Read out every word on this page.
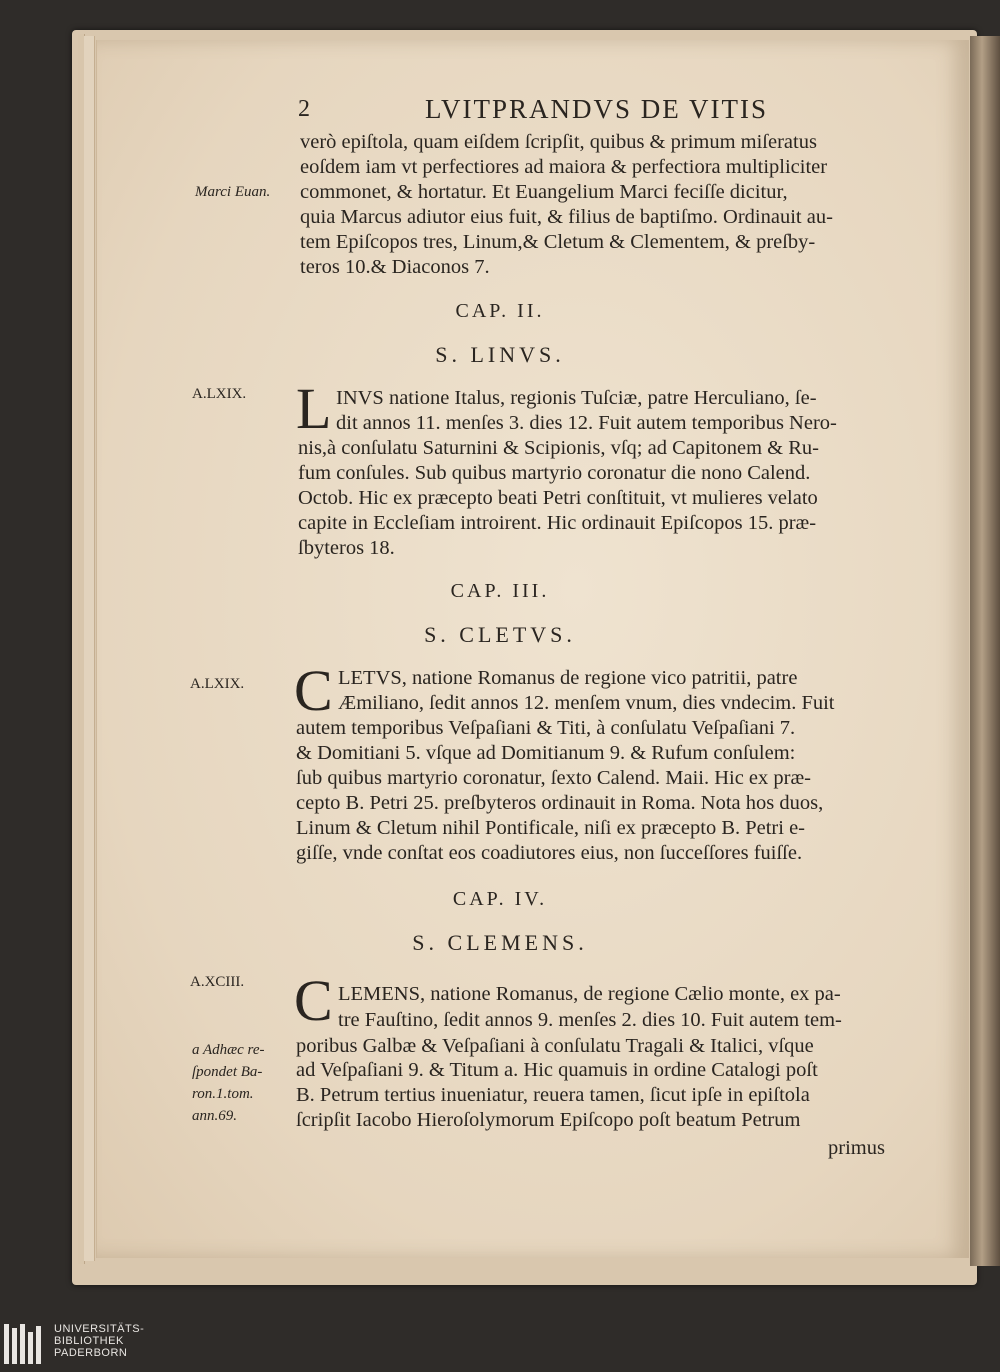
2	LVITPRANDVS DE VITIS
verò epiſtola, quam eiſdem ſcripſit, quibus & primum miſeratus
eoſdem iam vt perfectiores ad maiora & perfectiora multipliciter
commonet, & hortatur. Et Euangelium Marci feciſſe dicitur,
quia Marcus adiutor eius fuit, & filius de baptiſmo. Ordinauit au-
tem Epiſcopos tres, Linum,& Cletum & Clementem, & preſby-
teros 10.& Diaconos 7.
Marci Euan.
CAP. II.
S. LINVS.
A.LXIX. L INVS natione Italus, regionis Tuſciæ, patre Herculiano, ſe-
dit annos 11. menſes 3. dies 12. Fuit autem temporibus Nero-
nis,à conſulatu Saturnini & Scipionis, vſq; ad Capitonem & Ru-
fum conſules. Sub quibus martyrio coronatur die nono Calend.
Octob. Hic ex præcepto beati Petri conſtituit, vt mulieres velato
capite in Eccleſiam introirent. Hic ordinauit Epiſcopos 15. præ-
ſbyteros 18.
CAP. III.
S. CLETVS.
A.LXIX. C LETVS, natione Romanus de regione vico patritii, patre
Æmiliano, ſedit annos 12. menſem vnum, dies vndecim. Fuit
autem temporibus Veſpaſiani & Titi, à conſulatu Veſpaſiani 7.
& Domitiani 5. vſque ad Domitianum 9. & Rufum conſulem:
ſub quibus martyrio coronatur, ſexto Calend. Maii. Hic ex præ-
cepto B. Petri 25. preſbyteros ordinauit in Roma. Nota hos duos,
Linum & Cletum nihil Pontificale, niſi ex præcepto B. Petri e-
giſſe, vnde conſtat eos coadiutores eius, non ſucceſſores fuiſſe.
CAP. IV.
S. CLEMENS.
A.XCIII. C LEMENS, natione Romanus, de regione Cælio monte, ex pa-
tre Fauſtino, ſedit annos 9. menſes 2. dies 10. Fuit autem tem-
poribus Galbæ & Veſpaſiani à conſulatu Tragali & Italici, vſque
ad Veſpaſiani 9. & Titum a. Hic quamuis in ordine Catalogi poſt
B. Petrum tertius inueniatur, reuera tamen, ſicut ipſe in epiſtola
ſcripſit Iacobo Hieroſolymorum Epiſcopo poſt beatum Petrum
primus
a Adhæc re-
ſpondet Ba-
ron.1.tom.
ann.69.
UNIVERSITÄTS-
BIBLIOTHEK
PADERBORN
